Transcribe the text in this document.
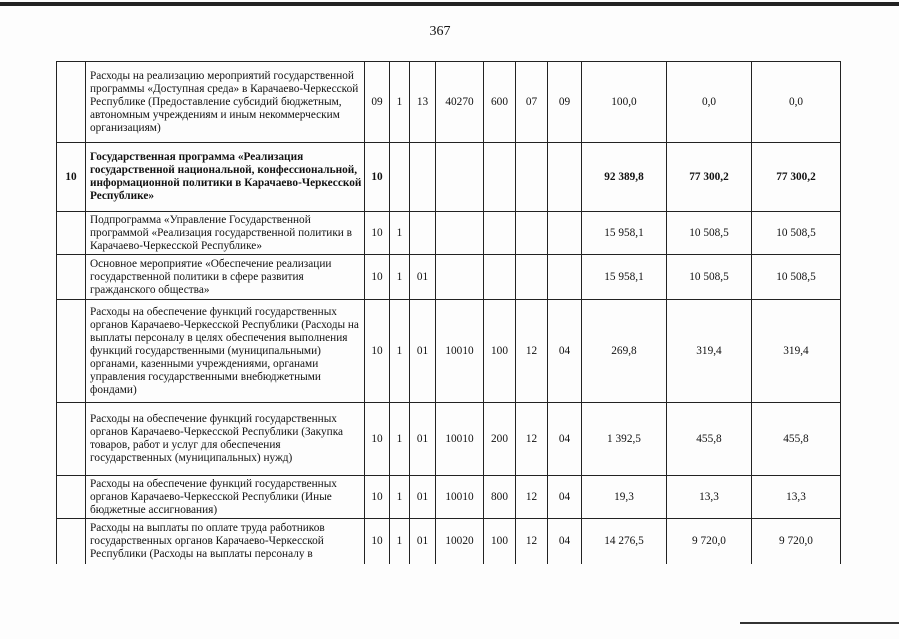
367
	Расходы на реализацию мероприятий государственной программы «Доступная среда» в Карачаево-Черкесской Республике (Предоставление субсидий бюджетным, автономным учреждениям и иным некоммерческим организациям)	09	1	13	40270	600	07	09	100,0	0,0	0,0
10	Государственная программа «Реализация государственной национальной, конфессиональной, информационной политики в Карачаево-Черкесской Республике»	10							92 389,8	77 300,2	77 300,2
	Подпрограмма «Управление Государственной программой «Реализация государственной политики в Карачаево-Черкесской Республике»	10	1						15 958,1	10 508,5	10 508,5
	Основное мероприятие «Обеспечение реализации государственной политики в сфере развития гражданского общества»	10	1	01					15 958,1	10 508,5	10 508,5
	Расходы на обеспечение функций государственных органов Карачаево-Черкесской Республики (Расходы на выплаты персоналу в целях обеспечения выполнения функций государственными (муниципальными) органами, казенными учреждениями, органами управления государственными внебюджетными фондами)	10	1	01	10010	100	12	04	269,8	319,4	319,4
	Расходы на обеспечение функций государственных органов Карачаево-Черкесской Республики (Закупка товаров, работ и услуг для обеспечения государственных (муниципальных) нужд)	10	1	01	10010	200	12	04	1 392,5	455,8	455,8
	Расходы на обеспечение функций государственных органов Карачаево-Черкесской Республики (Иные бюджетные ассигнования)	10	1	01	10010	800	12	04	19,3	13,3	13,3
	Расходы на выплаты по оплате труда работников государственных органов Карачаево-Черкесской Республики (Расходы на выплаты персоналу в	10	1	01	10020	100	12	04	14 276,5	9 720,0	9 720,0
